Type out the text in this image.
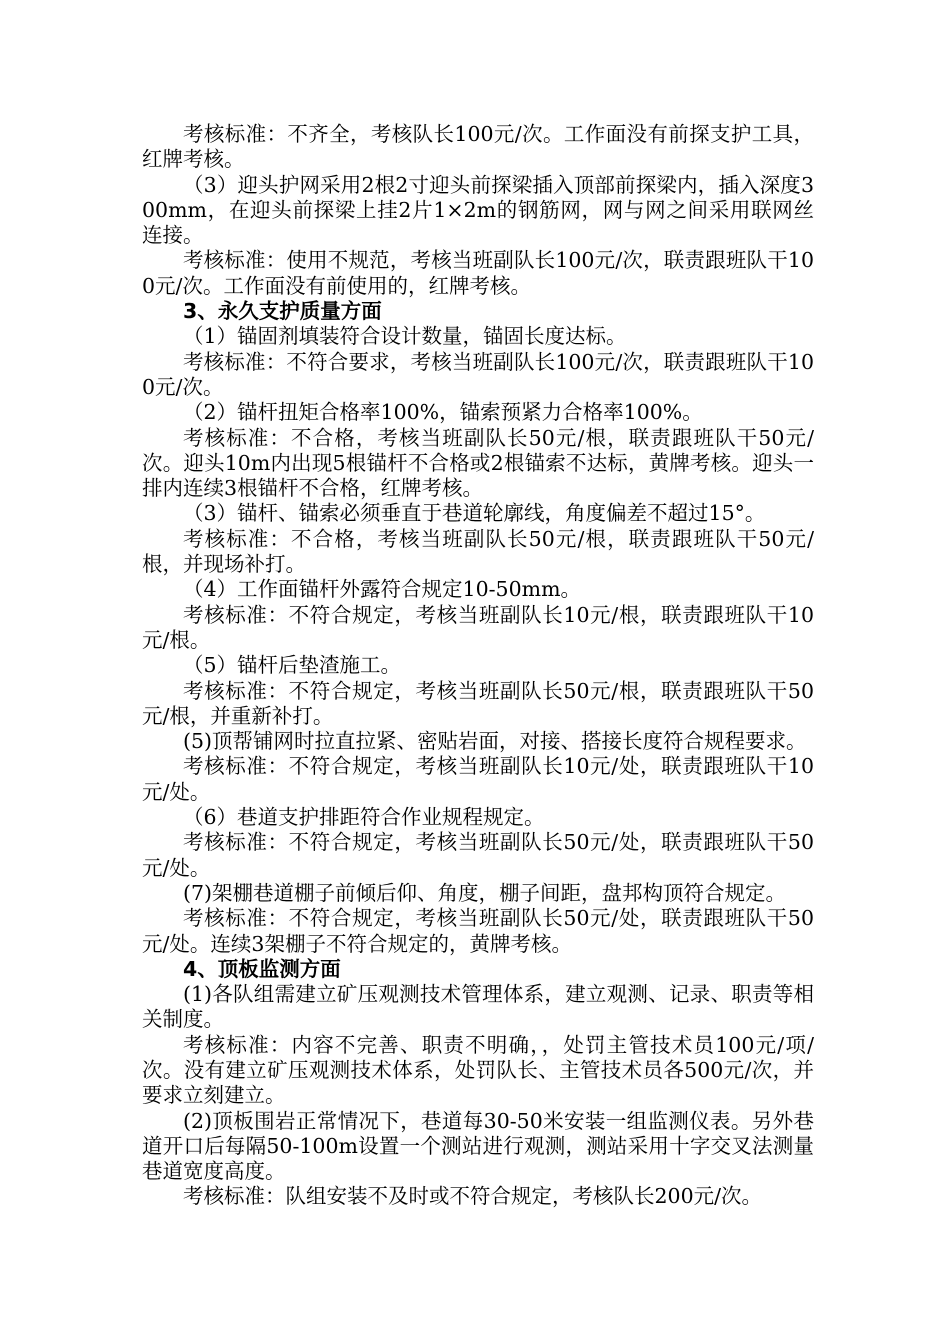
考核标准：不齐全，考核队长100元/次。工作面没有前探支护工具，红牌考核。

（3）迎头护网采用2根2寸迎头前探梁插入顶部前探梁内，插入深度300mm，在迎头前探梁上挂2片1×2m的钢筋网，网与网之间采用联网丝连接。

考核标准：使用不规范，考核当班副队长100元/次，联责跟班队干100元/次。工作面没有前使用的，红牌考核。

3、永久支护质量方面

（1）锚固剂填装符合设计数量，锚固长度达标。

考核标准：不符合要求，考核当班副队长100元/次，联责跟班队干100元/次。

（2）锚杆扭矩合格率100%，锚索预紧力合格率100%。

考核标准：不合格，考核当班副队长50元/根，联责跟班队干50元/次。迎头10m内出现5根锚杆不合格或2根锚索不达标，黄牌考核。迎头一排内连续3根锚杆不合格，红牌考核。

（3）锚杆、锚索必须垂直于巷道轮廓线，角度偏差不超过15°。

考核标准：不合格，考核当班副队长50元/根，联责跟班队干50元/根，并现场补打。

（4）工作面锚杆外露符合规定10-50mm。

考核标准：不符合规定，考核当班副队长10元/根，联责跟班队干10元/根。

（5）锚杆后垫渣施工。

考核标准：不符合规定，考核当班副队长50元/根，联责跟班队干50元/根，并重新补打。

(5)顶帮铺网时拉直拉紧、密贴岩面，对接、搭接长度符合规程要求。

考核标准：不符合规定，考核当班副队长10元/处，联责跟班队干10元/处。

（6）巷道支护排距符合作业规程规定。

考核标准：不符合规定，考核当班副队长50元/处，联责跟班队干50元/处。

(7)架棚巷道棚子前倾后仰、角度，棚子间距，盘邦构顶符合规定。

考核标准：不符合规定，考核当班副队长50元/处，联责跟班队干50元/处。连续3架棚子不符合规定的，黄牌考核。

4、顶板监测方面

(1)各队组需建立矿压观测技术管理体系，建立观测、记录、职责等相关制度。

考核标准：内容不完善、职责不明确，，处罚主管技术员100元/项/次。没有建立矿压观测技术体系，处罚队长、主管技术员各500元/次，并要求立刻建立。

(2)顶板围岩正常情况下，巷道每30-50米安装一组监测仪表。另外巷道开口后每隔50-100m设置一个测站进行观测，测站采用十字交叉法测量巷道宽度高度。

考核标准：队组安装不及时或不符合规定，考核队长200元/次。
